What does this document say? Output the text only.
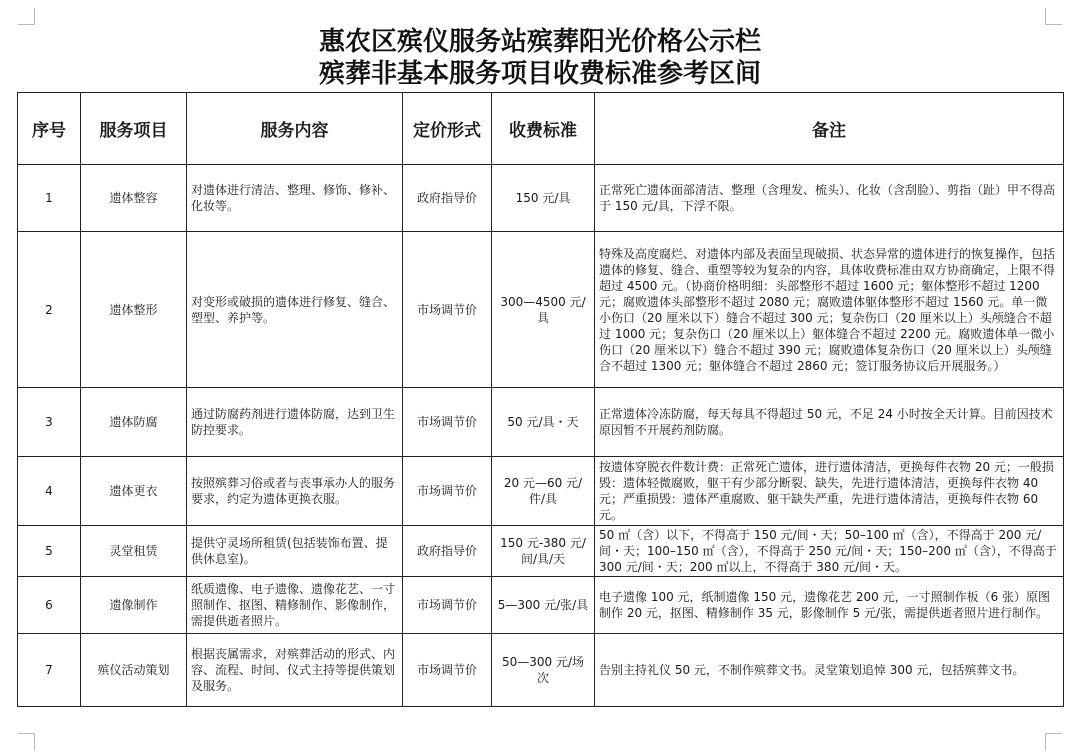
惠农区殡仪服务站殡葬阳光价格公示栏
殡葬非基本服务项目收费标准参考区间
序号	服务项目	服务内容	定价形式	收费标准	备注
1	遗体整容	对遗体进行清洁、整理、修饰、修补、化妆等。	政府指导价	150 元/具	正常死亡遗体面部清洁、整理（含理发、梳头）、化妆（含刮脸）、剪指（趾）甲不得高于 150 元/具，下浮不限。
2	遗体整形	对变形或破损的遗体进行修复、缝合、塑型、养护等。	市场调节价	300—4500 元/具	特殊及高度腐烂、对遗体内部及表面呈现破损、状态异常的遗体进行的恢复操作，包括遗体的修复、缝合、重塑等较为复杂的内容，具体收费标准由双方协商确定，上限不得超过 4500 元。（协商价格明细：头部整形不超过 1600 元；躯体整形不超过 1200 元；腐败遗体头部整形不超过 2080 元；腐败遗体躯体整形不超过 1560 元。单一微小伤口（20 厘米以下）缝合不超过 300 元；复杂伤口（20 厘米以上）头颅缝合不超过 1000 元；复杂伤口（20 厘米以上）躯体缝合不超过 2200 元。腐败遗体单一微小伤口（20 厘米以下）缝合不超过 390 元；腐败遗体复杂伤口（20 厘米以上）头颅缝合不超过 1300 元；躯体缝合不超过 2860 元；签订服务协议后开展服务。）
3	遗体防腐	通过防腐药剂进行遗体防腐，达到卫生防控要求。	市场调节价	50 元/具・天	正常遗体冷冻防腐，每天每具不得超过 50 元，不足 24 小时按全天计算。目前因技术原因暂不开展药剂防腐。
4	遗体更衣	按照殡葬习俗或者与丧事承办人的服务要求，约定为遗体更换衣服。	市场调节价	20 元—60 元/件/具	按遗体穿脱衣件数计费：正常死亡遗体，进行遗体清洁，更换每件衣物 20 元；一般损毁：遗体轻微腐败，躯干有少部分断裂、缺失，先进行遗体清洁，更换每件衣物 40 元；严重损毁：遗体严重腐败、躯干缺失严重，先进行遗体清洁，更换每件衣物 60 元。
5	灵堂租赁	提供守灵场所租赁(包括装饰布置、提供休息室)。	政府指导价	150 元-380 元/间/具/天	50 ㎡（含）以下，不得高于 150 元/间・天；50–100 ㎡（含），不得高于 200 元/间・天；100–150 ㎡（含），不得高于 250 元/间・天；150–200 ㎡（含），不得高于 300 元/间・天；200 ㎡以上，不得高于 380 元/间・天。
6	遗像制作	纸质遗像、电子遗像、遗像花艺、一寸照制作、抠图、精修制作、影像制作，需提供逝者照片。	市场调节价	5—300 元/张/具	电子遗像 100 元，纸制遗像 150 元，遗像花艺 200 元，一寸照制作板（6 张）原图制作 20 元，抠图、精修制作 35 元，影像制作 5 元/张，需提供逝者照片进行制作。
7	殡仪活动策划	根据丧属需求，对殡葬活动的形式、内容、流程、时间、仪式主持等提供策划及服务。	市场调节价	50—300 元/场次	告别主持礼仪 50 元，不制作殡葬文书。灵堂策划追悼 300 元，包括殡葬文书。
